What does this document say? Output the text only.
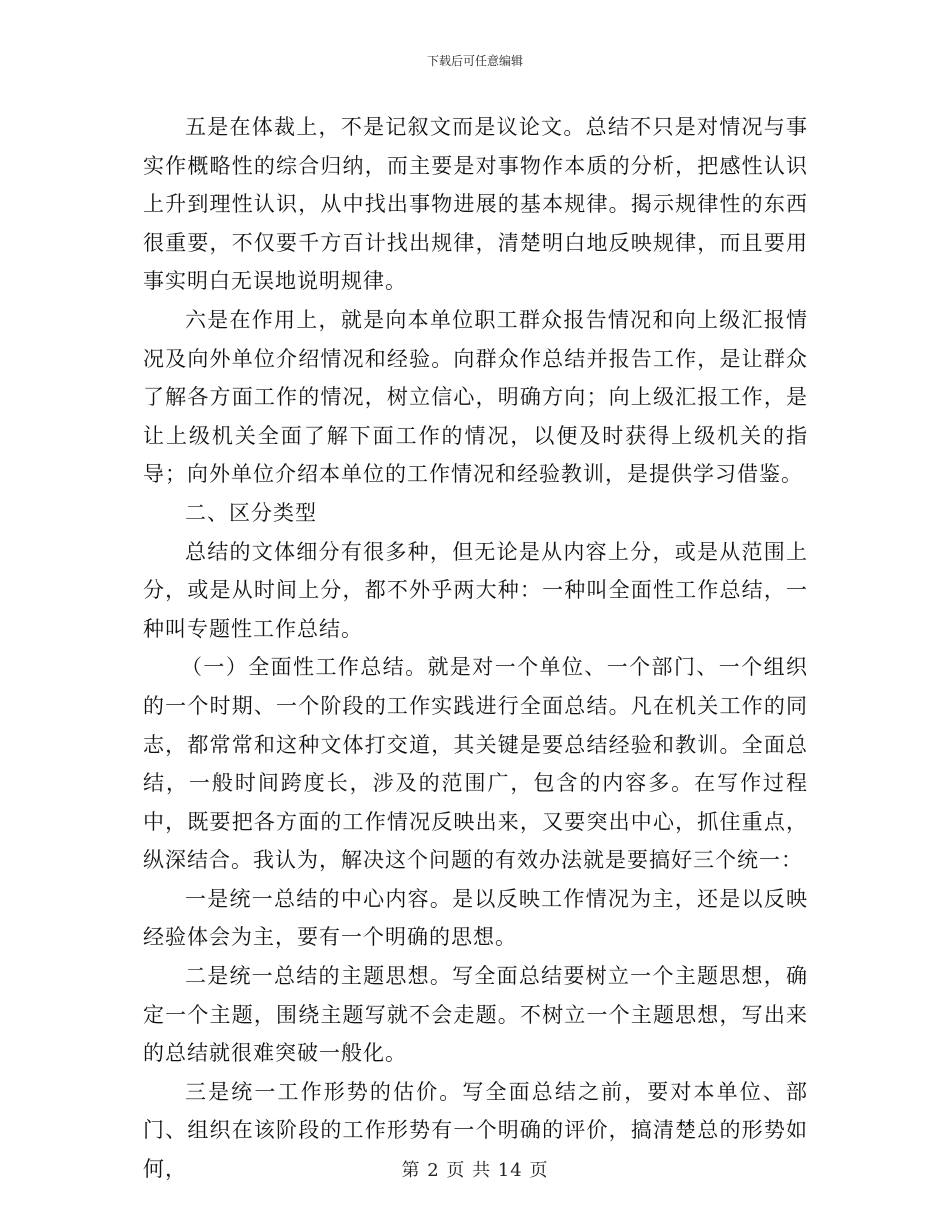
下载后可任意编辑

五是在体裁上，不是记叙文而是议论文。总结不只是对情况与事实作概略性的综合归纳，而主要是对事物作本质的分析，把感性认识上升到理性认识，从中找出事物进展的基本规律。揭示规律性的东西很重要，不仅要千方百计找出规律，清楚明白地反映规律，而且要用事实明白无误地说明规律。

六是在作用上，就是向本单位职工群众报告情况和向上级汇报情况及向外单位介绍情况和经验。向群众作总结并报告工作，是让群众了解各方面工作的情况，树立信心，明确方向；向上级汇报工作，是让上级机关全面了解下面工作的情况，以便及时获得上级机关的指导；向外单位介绍本单位的工作情况和经验教训，是提供学习借鉴。

二、区分类型

总结的文体细分有很多种，但无论是从内容上分，或是从范围上分，或是从时间上分，都不外乎两大种：一种叫全面性工作总结，一种叫专题性工作总结。

（一）全面性工作总结。就是对一个单位、一个部门、一个组织的一个时期、一个阶段的工作实践进行全面总结。凡在机关工作的同志，都常常和这种文体打交道，其关键是要总结经验和教训。全面总结，一般时间跨度长，涉及的范围广，包含的内容多。在写作过程中，既要把各方面的工作情况反映出来，又要突出中心，抓住重点，纵深结合。我认为，解决这个问题的有效办法就是要搞好三个统一：

一是统一总结的中心内容。是以反映工作情况为主，还是以反映经验体会为主，要有一个明确的思想。

二是统一总结的主题思想。写全面总结要树立一个主题思想，确定一个主题，围绕主题写就不会走题。不树立一个主题思想，写出来的总结就很难突破一般化。

三是统一工作形势的估价。写全面总结之前，要对本单位、部门、组织在该阶段的工作形势有一个明确的评价，搞清楚总的形势如何，	第 2 页 共 14 页
